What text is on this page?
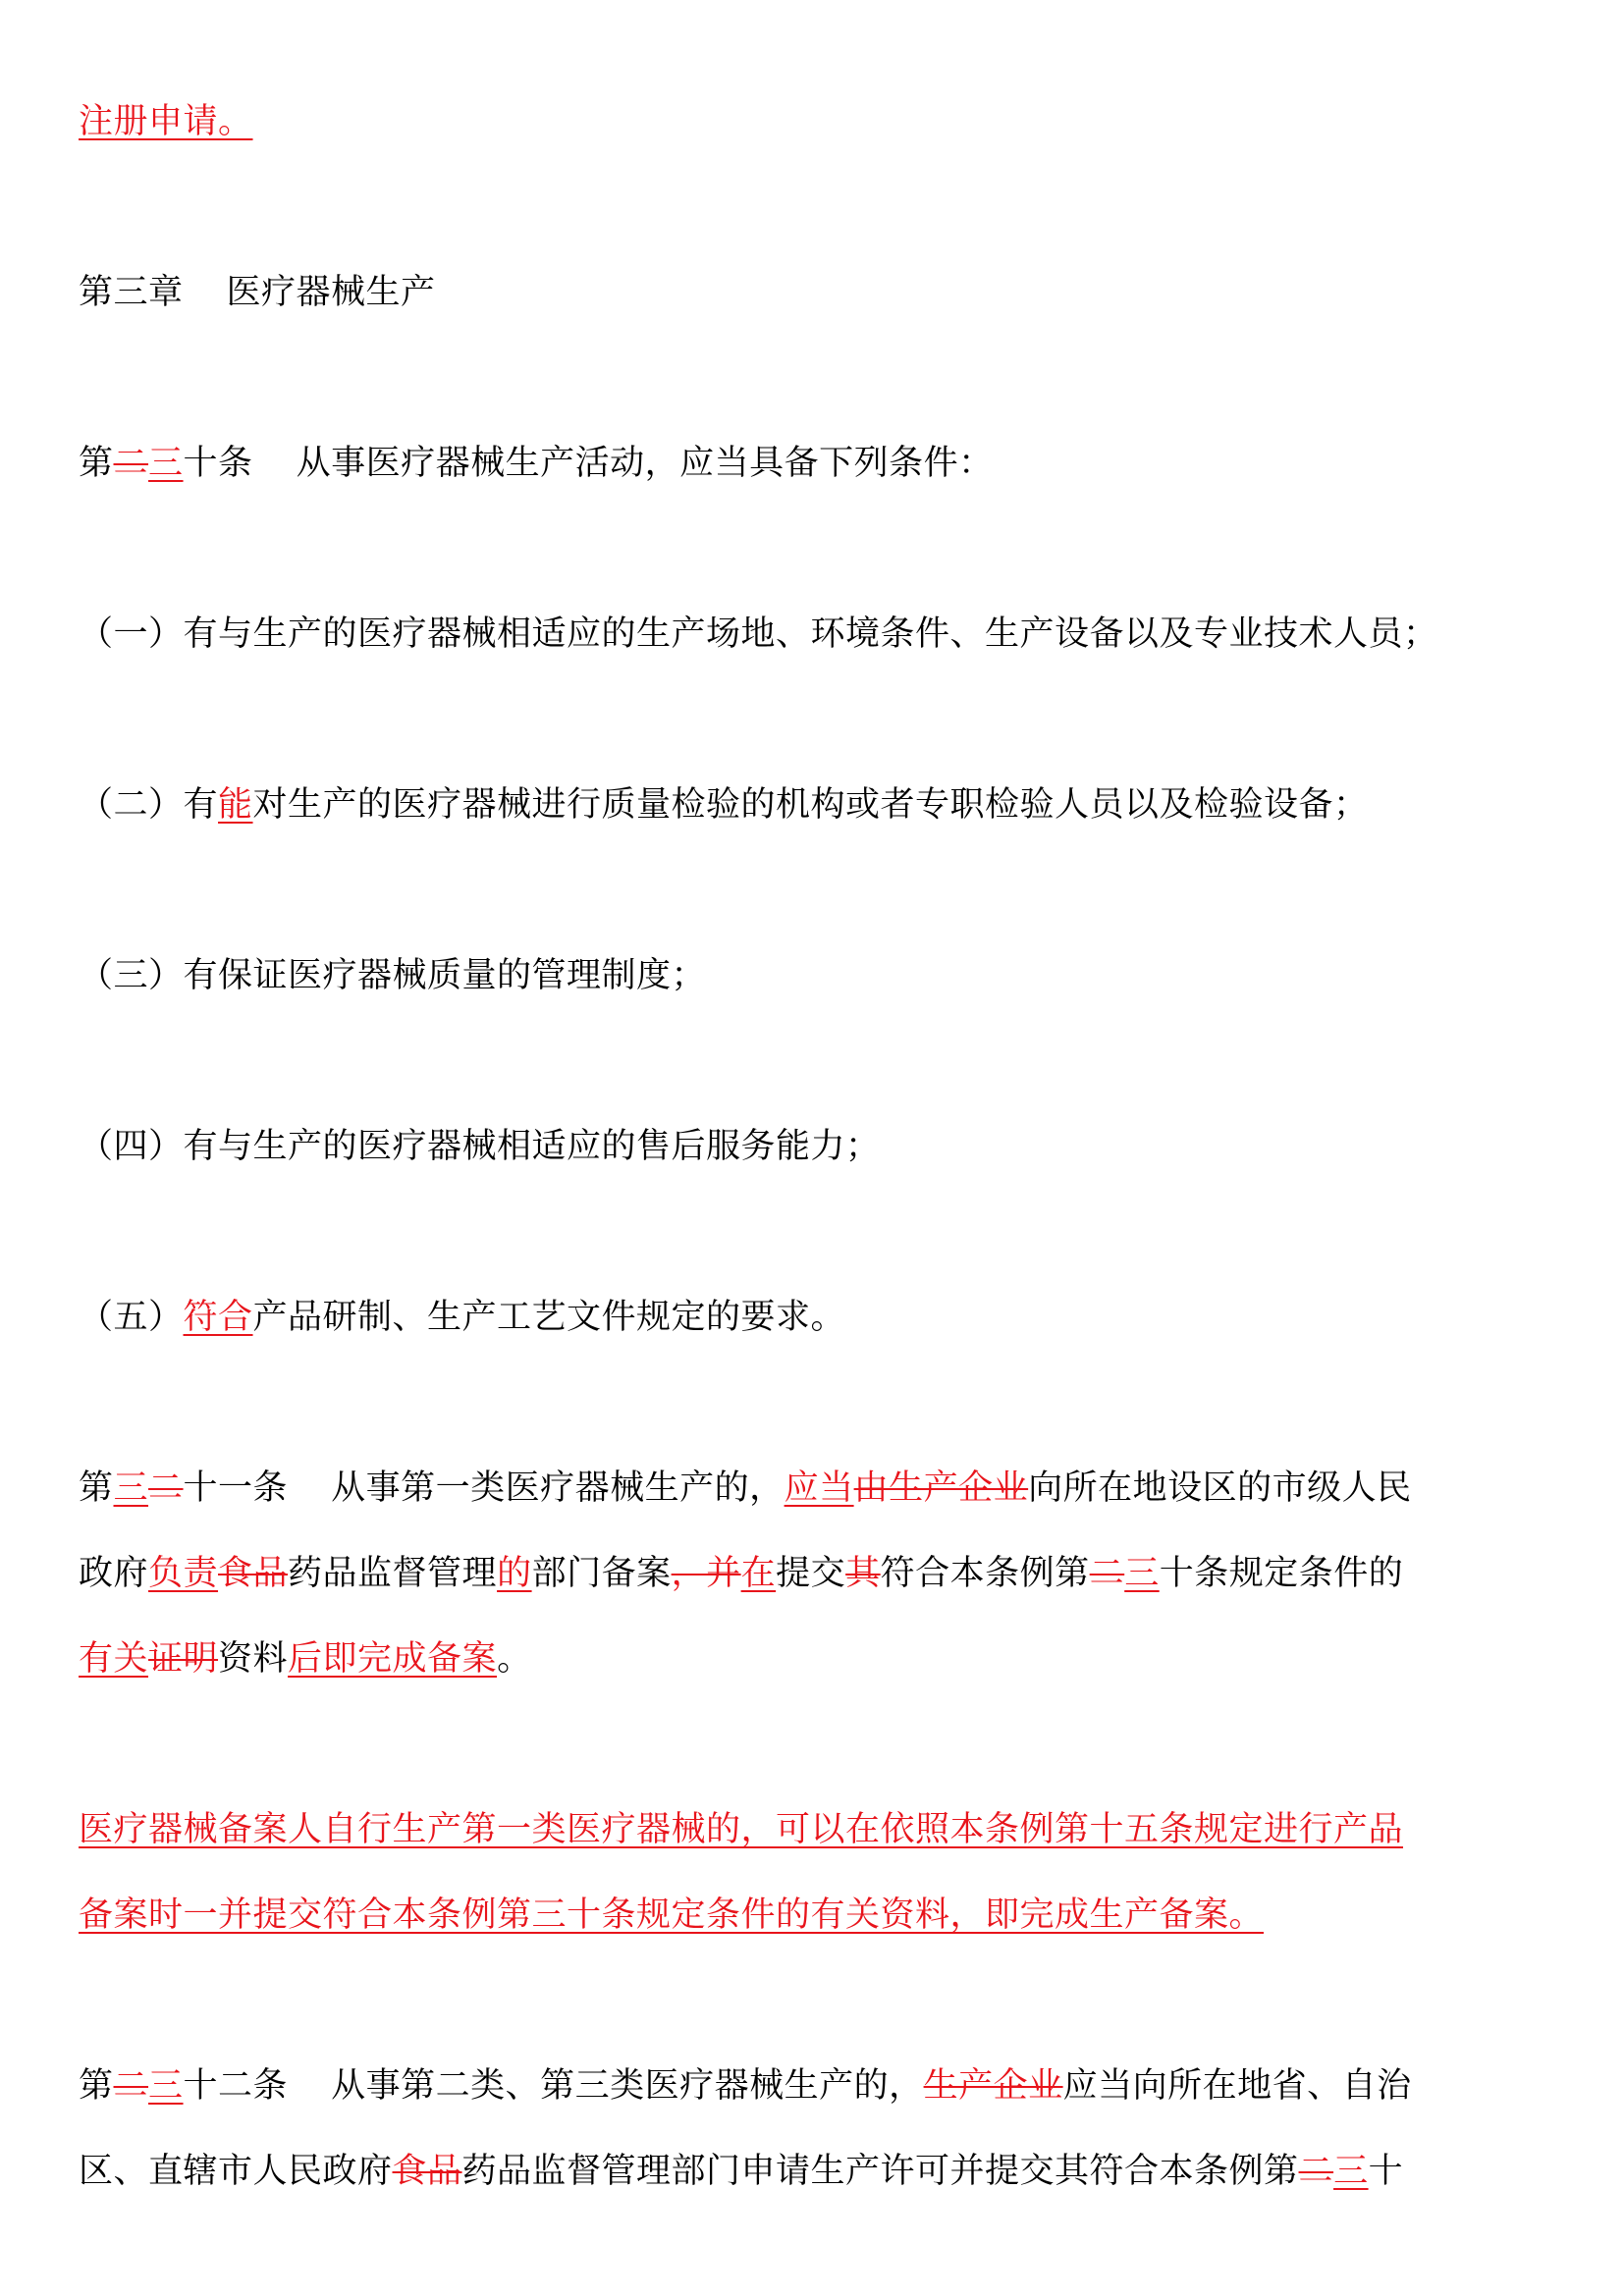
注册申请。
第三章 医疗器械生产
第二三十条 从事医疗器械生产活动，应当具备下列条件：
（一）有与生产的医疗器械相适应的生产场地、环境条件、生产设备以及专业技术人员；
（二）有能对生产的医疗器械进行质量检验的机构或者专职检验人员以及检验设备；
（三）有保证医疗器械质量的管理制度；
（四）有与生产的医疗器械相适应的售后服务能力；
（五）符合产品研制、生产工艺文件规定的要求。
第三二十一条 从事第一类医疗器械生产的，应当由生产企业向所在地设区的市级人民
政府负责食品药品监督管理的部门备案，并在提交其符合本条例第二三十条规定条件的
有关证明资料后即完成备案。
医疗器械备案人自行生产第一类医疗器械的，可以在依照本条例第十五条规定进行产品
备案时一并提交符合本条例第三十条规定条件的有关资料，即完成生产备案。
第二三十二条 从事第二类、第三类医疗器械生产的，生产企业应当向所在地省、自治
区、直辖市人民政府食品药品监督管理部门申请生产许可并提交其符合本条例第二三十
